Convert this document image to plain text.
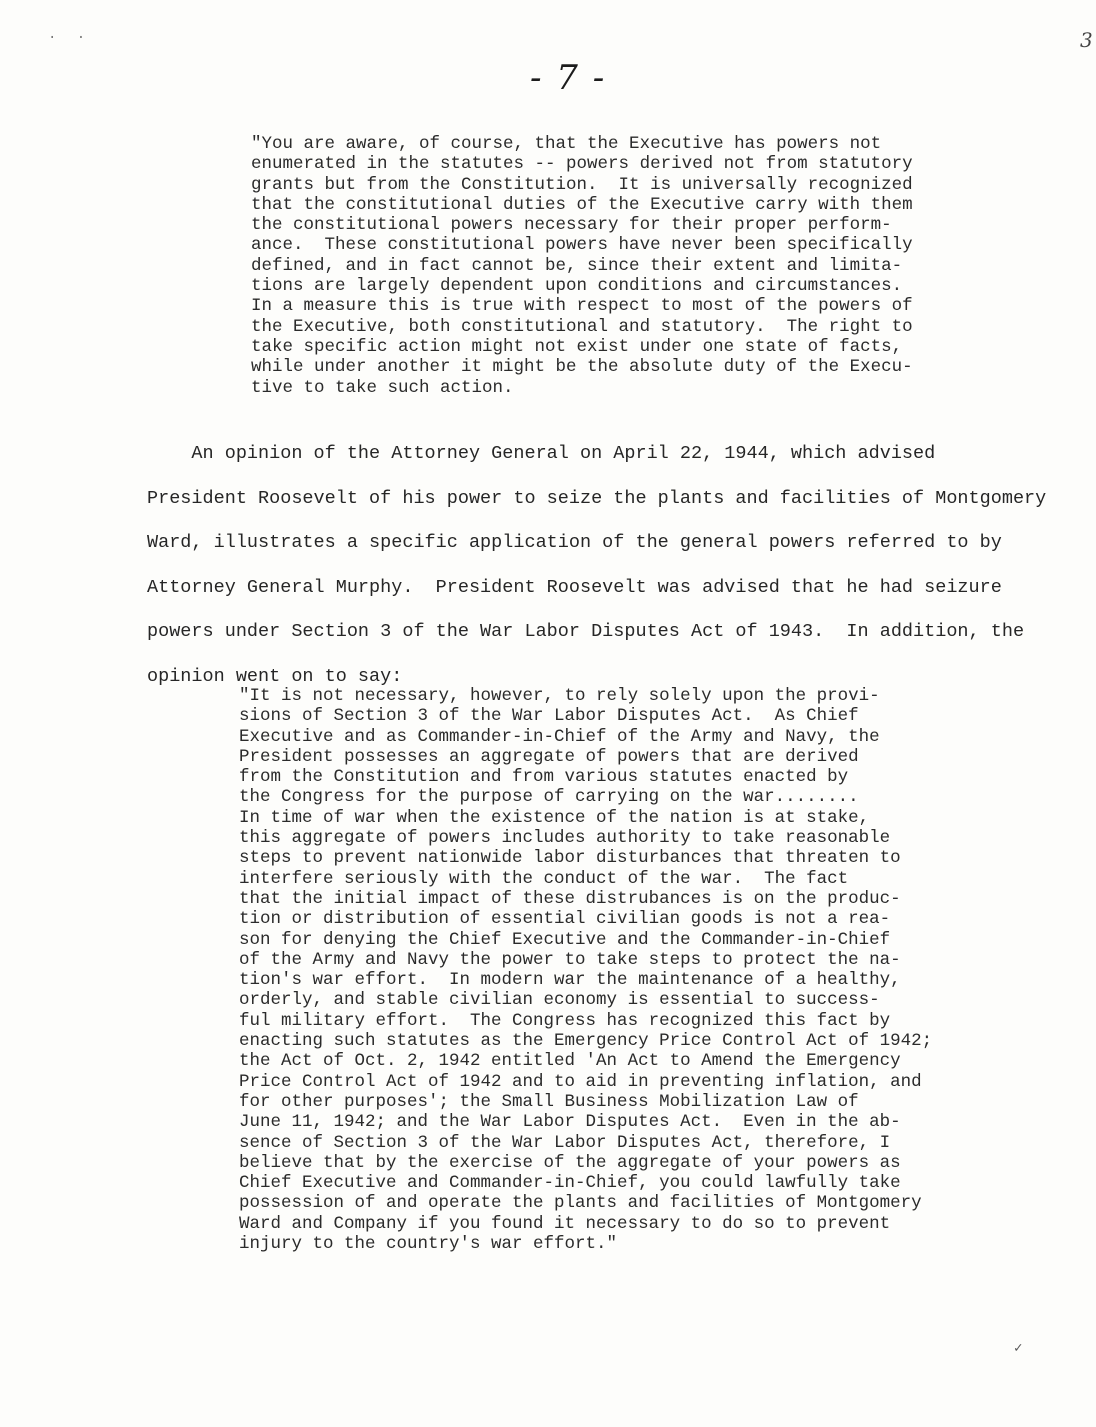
· ·
- 7 -
3

"You are aware, of course, that the Executive has powers not
enumerated in the statutes -- powers derived not from statutory
grants but from the Constitution.  It is universally recognized
that the constitutional duties of the Executive carry with them
the constitutional powers necessary for their proper perform-
ance.  These constitutional powers have never been specifically
defined, and in fact cannot be, since their extent and limita-
tions are largely dependent upon conditions and circumstances.
In a measure this is true with respect to most of the powers of
the Executive, both constitutional and statutory.  The right to
take specific action might not exist under one state of facts,
while under another it might be the absolute duty of the Execu-
tive to take such action.

An opinion of the Attorney General on April 22, 1944, which advised
President Roosevelt of his power to seize the plants and facilities of Montgomery
Ward, illustrates a specific application of the general powers referred to by
Attorney General Murphy.  President Roosevelt was advised that he had seizure
powers under Section 3 of the War Labor Disputes Act of 1943.  In addition, the
opinion went on to say:

"It is not necessary, however, to rely solely upon the provi-
sions of Section 3 of the War Labor Disputes Act.  As Chief
Executive and as Commander-in-Chief of the Army and Navy, the
President possesses an aggregate of powers that are derived
from the Constitution and from various statutes enacted by
the Congress for the purpose of carrying on the war........
In time of war when the existence of the nation is at stake,
this aggregate of powers includes authority to take reasonable
steps to prevent nationwide labor disturbances that threaten to
interfere seriously with the conduct of the war.  The fact
that the initial impact of these distrubances is on the produc-
tion or distribution of essential civilian goods is not a rea-
son for denying the Chief Executive and the Commander-in-Chief
of the Army and Navy the power to take steps to protect the na-
tion's war effort.  In modern war the maintenance of a healthy,
orderly, and stable civilian economy is essential to success-
ful military effort.  The Congress has recognized this fact by
enacting such statutes as the Emergency Price Control Act of 1942;
the Act of Oct. 2, 1942 entitled 'An Act to Amend the Emergency
Price Control Act of 1942 and to aid in preventing inflation, and
for other purposes'; the Small Business Mobilization Law of
June 11, 1942; and the War Labor Disputes Act.  Even in the ab-
sence of Section 3 of the War Labor Disputes Act, therefore, I
believe that by the exercise of the aggregate of your powers as
Chief Executive and Commander-in-Chief, you could lawfully take
possession of and operate the plants and facilities of Montgomery
Ward and Company if you found it necessary to do so to prevent
injury to the country's war effort."

✓
